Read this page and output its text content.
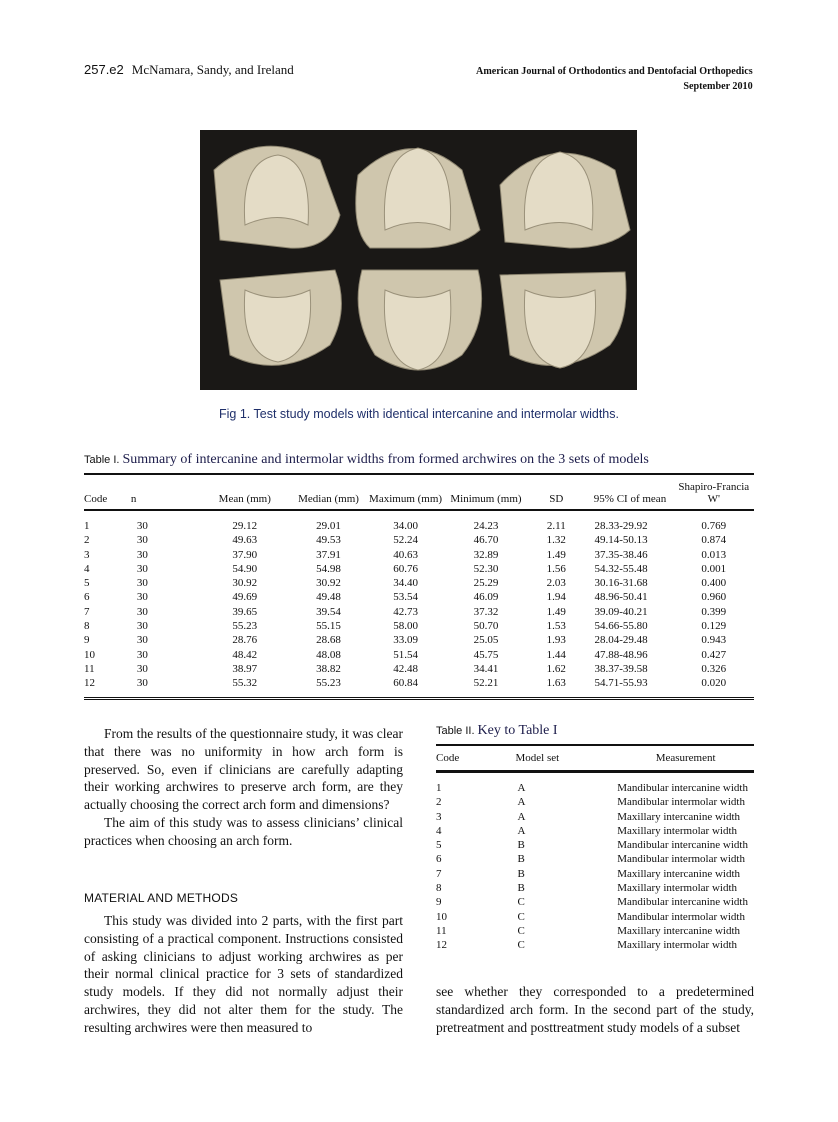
257.e2 McNamara, Sandy, and Ireland	American Journal of Orthodontics and Dentofacial Orthopedics
September 2010
Fig 1. Test study models with identical intercanine and intermolar widths.
Table I. Summary of intercanine and intermolar widths from formed archwires on the 3 sets of models
Code	n	Mean (mm)	Median (mm)	Maximum (mm)	Minimum (mm)	SD	95% CI of mean	Shapiro-Francia W'
1	30	29.12	29.01	34.00	24.23	2.11	28.33-29.92	0.769
2	30	49.63	49.53	52.24	46.70	1.32	49.14-50.13	0.874
3	30	37.90	37.91	40.63	32.89	1.49	37.35-38.46	0.013
4	30	54.90	54.98	60.76	52.30	1.56	54.32-55.48	0.001
5	30	30.92	30.92	34.40	25.29	2.03	30.16-31.68	0.400
6	30	49.69	49.48	53.54	46.09	1.94	48.96-50.41	0.960
7	30	39.65	39.54	42.73	37.32	1.49	39.09-40.21	0.399
8	30	55.23	55.15	58.00	50.70	1.53	54.66-55.80	0.129
9	30	28.76	28.68	33.09	25.05	1.93	28.04-29.48	0.943
10	30	48.42	48.08	51.54	45.75	1.44	47.88-48.96	0.427
11	30	38.97	38.82	42.48	34.41	1.62	38.37-39.58	0.326
12	30	55.32	55.23	60.84	52.21	1.63	54.71-55.93	0.020

From the results of the questionnaire study, it was clear that there was no uniformity in how arch form is preserved. So, even if clinicians are carefully adapting their working archwires to preserve arch form, are they actually choosing the correct arch form and dimensions?

The aim of this study was to assess clinicians’ clinical practices when choosing an arch form.

MATERIAL AND METHODS

This study was divided into 2 parts, with the first part consisting of a practical component. Instructions consisted of asking clinicians to adjust working archwires as per their normal clinical practice for 3 sets of standardized study models. If they did not normally adjust their archwires, they did not alter them for the study. The resulting archwires were then measured to

Table II. Key to Table I
Code	Model set	Measurement
1	A	Mandibular intercanine width
2	A	Mandibular intermolar width
3	A	Maxillary intercanine width
4	A	Maxillary intermolar width
5	B	Mandibular intercanine width
6	B	Mandibular intermolar width
7	B	Maxillary intercanine width
8	B	Maxillary intermolar width
9	C	Mandibular intercanine width
10	C	Mandibular intermolar width
11	C	Maxillary intercanine width
12	C	Maxillary intermolar width

see whether they corresponded to a predetermined standardized arch form. In the second part of the study, pretreatment and posttreatment study models of a subset
